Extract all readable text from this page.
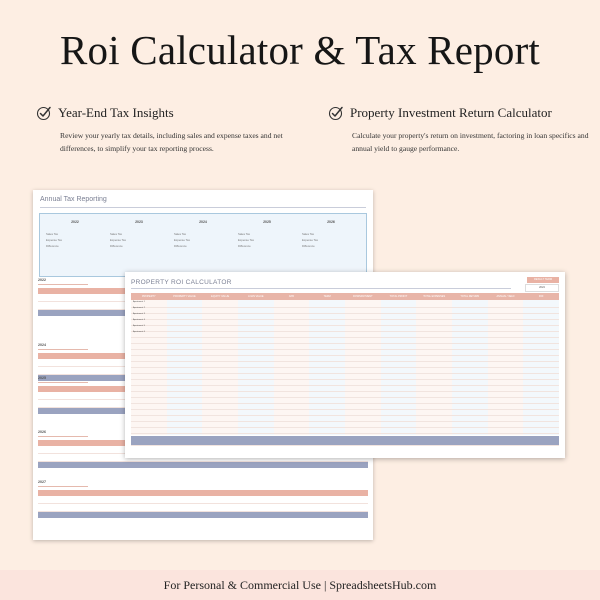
Roi Calculator & Tax Report
Year-End Tax Insights
Review your yearly tax details, including sales and expense taxes and net differences, to simplify your tax reporting process.
Property Investment Return Calculator
Calculate your property's return on investment, factoring in loan specifics and annual yield to gauge performance.
Annual Tax Reporting
2022
Sales Tax
Expense Tax
Difference
2023
Sales Tax
Expense Tax
Difference
2024
Sales Tax
Expense Tax
Difference
2025
Sales Tax
Expense Tax
Difference
2026
Sales Tax
Expense Tax
Difference
2022
2024
2025
2026
2027
PROPERTY ROI CALCULATOR	RESULT TERM
2024
PROPERTY	PROPERTY VALUE	EQUITY VALUE	LOAN VALUE	APR	TERM	DOWNPAYMENT	TOTAL PROFIT	TOTAL EXPENSES	TOTAL RETURN	ANNUAL YIELD	ROI
Apartment 1
Apartment 2
Apartment 3
Apartment 4
Apartment 5
Apartment 6
TOTAL
For Personal & Commercial Use | SpreadsheetsHub.com
